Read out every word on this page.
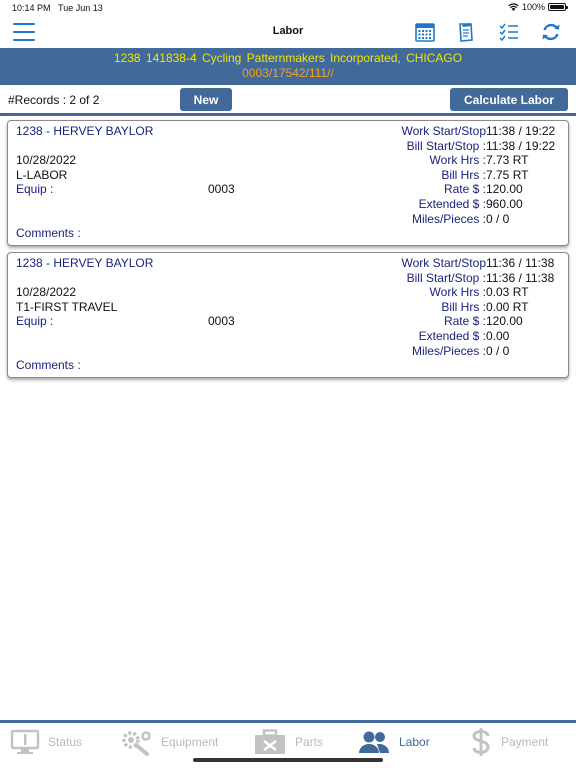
10:14 PM Tue Jun 13	100%
Labor
1238 141838-4 Cycling Patternmakers Incorporated, CHICAGO
0003/17542/111//
#Records : 2 of 2	New	Calculate Labor
1238 - HERVEY BAYLOR
10/28/2022
L-LABOR
Equip :	0003
Comments :
Work Start/Stop 11:38 / 19:22
Bill Start/Stop : 11:38 / 19:22
Work Hrs : 7.73 RT
Bill Hrs : 7.75 RT
Rate $ : 120.00
Extended $ : 960.00
Miles/Pieces : 0 / 0
1238 - HERVEY BAYLOR
10/28/2022
T1-FIRST TRAVEL
Equip :	0003
Comments :
Work Start/Stop 11:36 / 11:38
Bill Start/Stop : 11:36 / 11:38
Work Hrs : 0.03 RT
Bill Hrs : 0.00 RT
Rate $ : 120.00
Extended $ : 0.00
Miles/Pieces : 0 / 0
Status	Equipment	Parts	Labor	Payment
